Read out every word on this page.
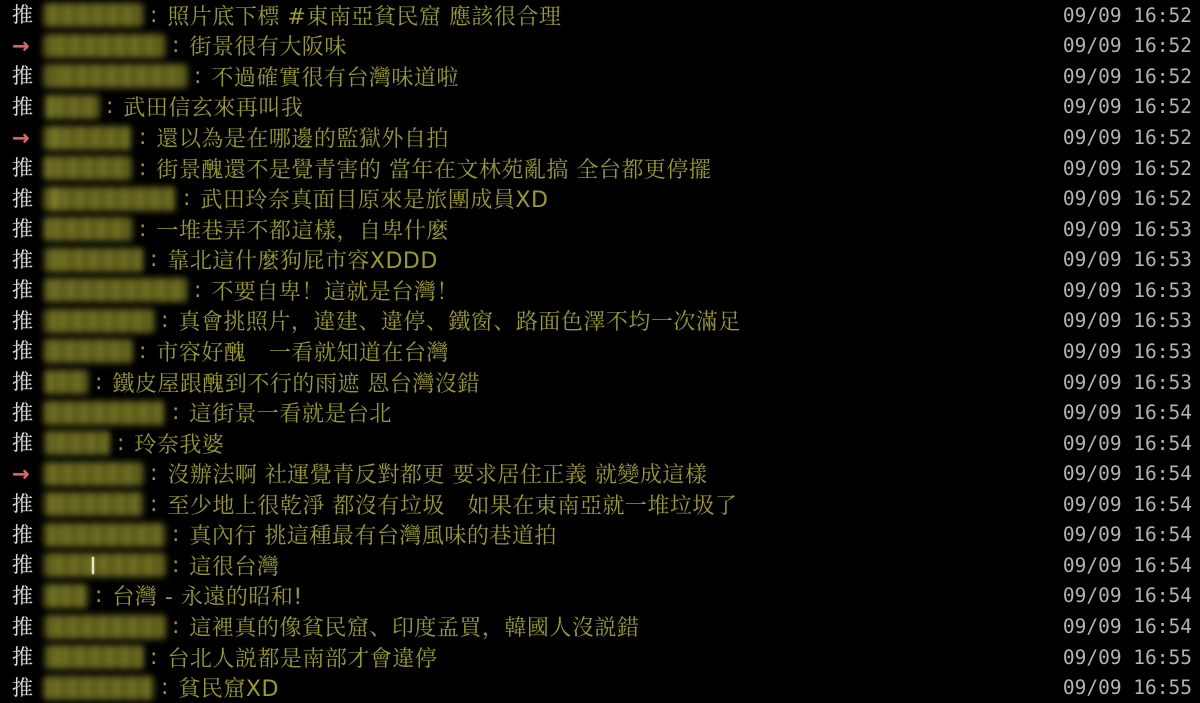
推	: 照片底下標 #東南亞貧民窟 應該很合理	09/09 16:52
→	: 街景很有大阪味	09/09 16:52
推	: 不過確實很有台灣味道啦	09/09 16:52
推	: 武田信玄來再叫我	09/09 16:52
→	: 還以為是在哪邊的監獄外自拍	09/09 16:52
推	: 街景醜還不是覺青害的 當年在文林苑亂搞 全台都更停擺	09/09 16:52
推	: 武田玲奈真面目原來是旅團成員XD	09/09 16:52
推	: 一堆巷弄不都這樣，自卑什麼	09/09 16:53
推	: 靠北這什麼狗屁市容XDDD	09/09 16:53
推	: 不要自卑！這就是台灣！	09/09 16:53
推	: 真會挑照片，違建、違停、鐵窗、路面色澤不均一次滿足	09/09 16:53
推	: 市容好醜　一看就知道在台灣	09/09 16:53
推	: 鐵皮屋跟醜到不行的雨遮 恩台灣沒錯	09/09 16:53
推	: 這街景一看就是台北	09/09 16:54
推	: 玲奈我婆	09/09 16:54
→	: 沒辦法啊 社運覺青反對都更 要求居住正義 就變成這樣	09/09 16:54
推	: 至少地上很乾淨 都沒有垃圾　如果在東南亞就一堆垃圾了	09/09 16:54
推	: 真內行 挑這種最有台灣風味的巷道拍	09/09 16:54
推	: 這很台灣	09/09 16:54
推	: 台灣 - 永遠的昭和!	09/09 16:54
推	: 這裡真的像貧民窟、印度孟買，韓國人沒説錯	09/09 16:54
推	: 台北人説都是南部才會違停	09/09 16:55
推	: 貧民窟XD	09/09 16:55
